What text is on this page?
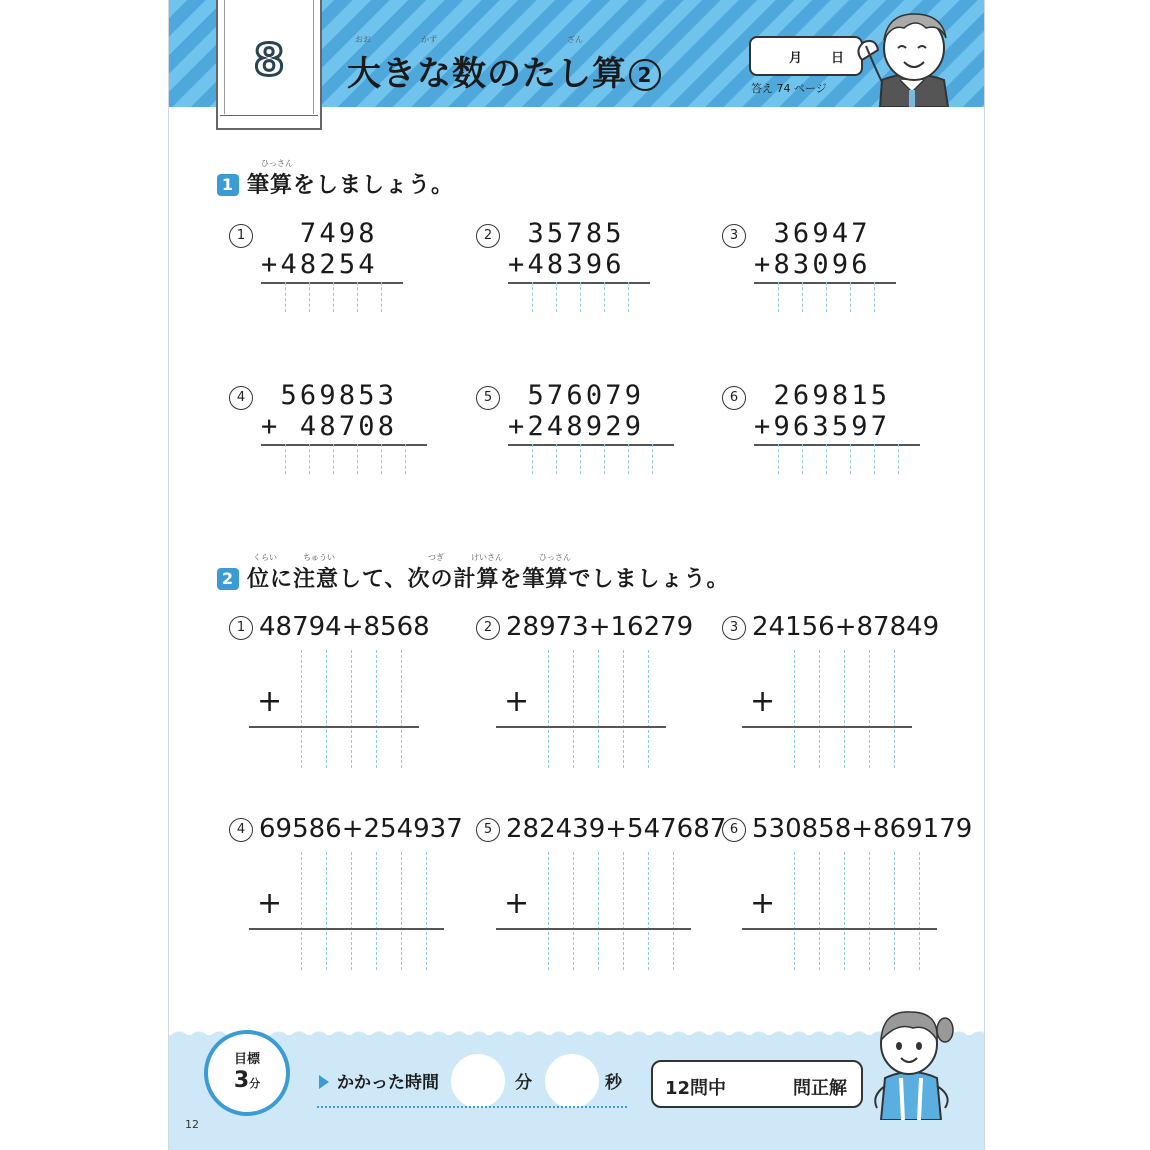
8	おお	かず	ざん
大きな数のたし算 2
月 日
答え 74 ページ
ひっさん
1 筆算をしましょう。
1 7498
+48254
2 35785
+48396
3 36947
+83096
4 569853
+ 48708
5 576079
+248929
6 269815
+963597
くらい	ちゅうい	つぎ	けいさん	ひっさん
2 位に注意して、次の計算を筆算でしましょう。
1 48794+8568
+
2 28973+16279
+
3 24156+87849
+
4 69586+254937
+
5 282439+547687
+
6 530858+869179
+
目標
3分	かかった時間	分	秒 12問中	問正解
12
